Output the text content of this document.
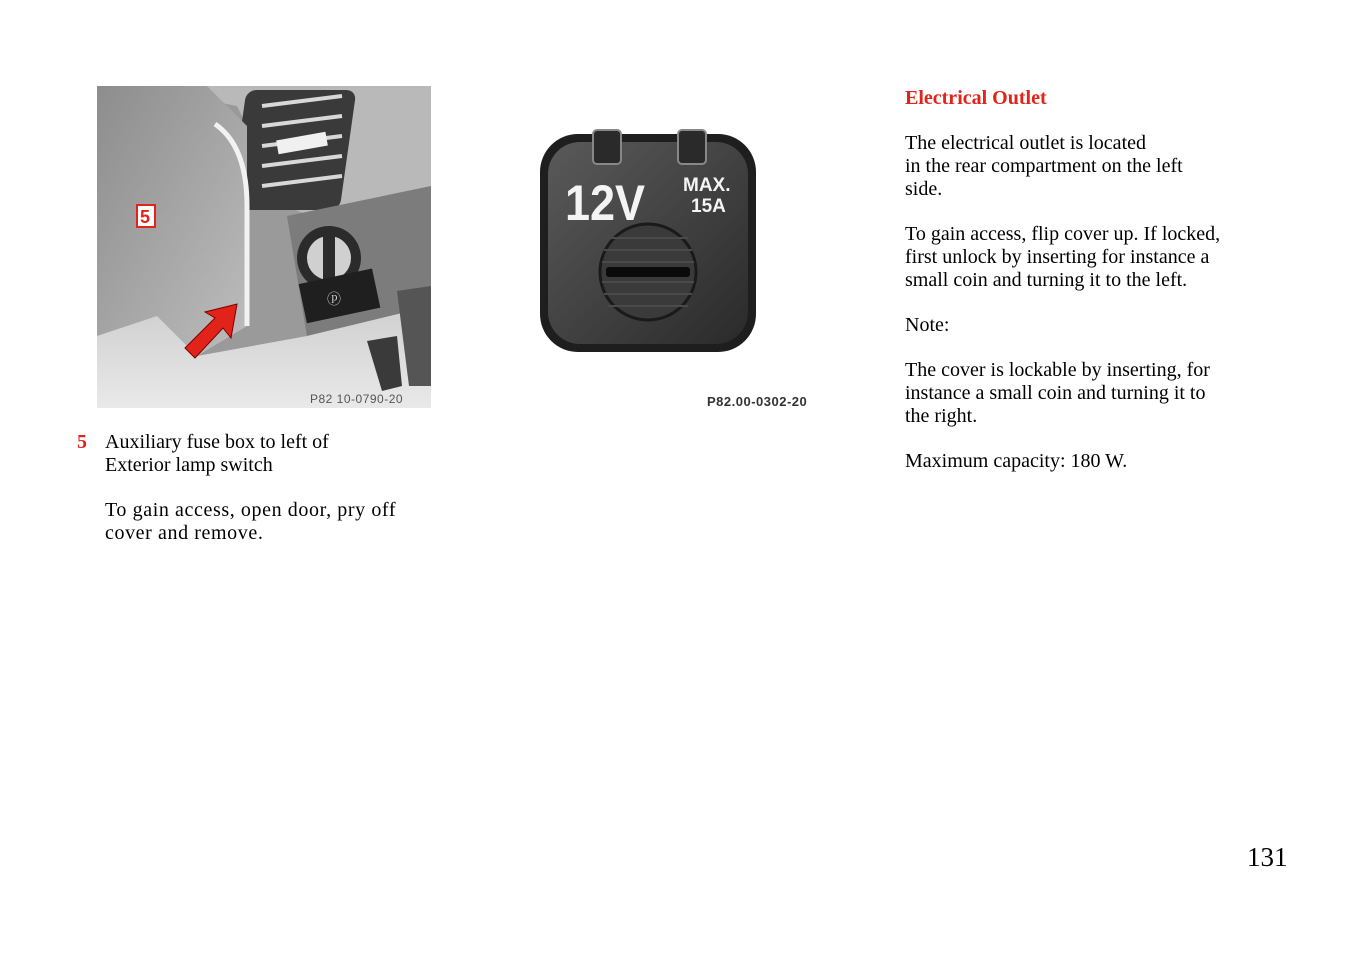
ⓟ
5
P82 10-0790-20
12V MAX.
15A
P82.00-0302-20
5 Auxiliary fuse box to left of

Exterior lamp switch

To gain access, open door, pry off
cover and remove.

Electrical Outlet

The electrical outlet is located
in the rear compartment on the left
side.

To gain access, flip cover up. If locked,
first unlock by inserting for instance a
small coin and turning it to the left.

Note:

The cover is lockable by inserting, for
instance a small coin and turning it to
the right.

Maximum capacity: 180 W.

131
